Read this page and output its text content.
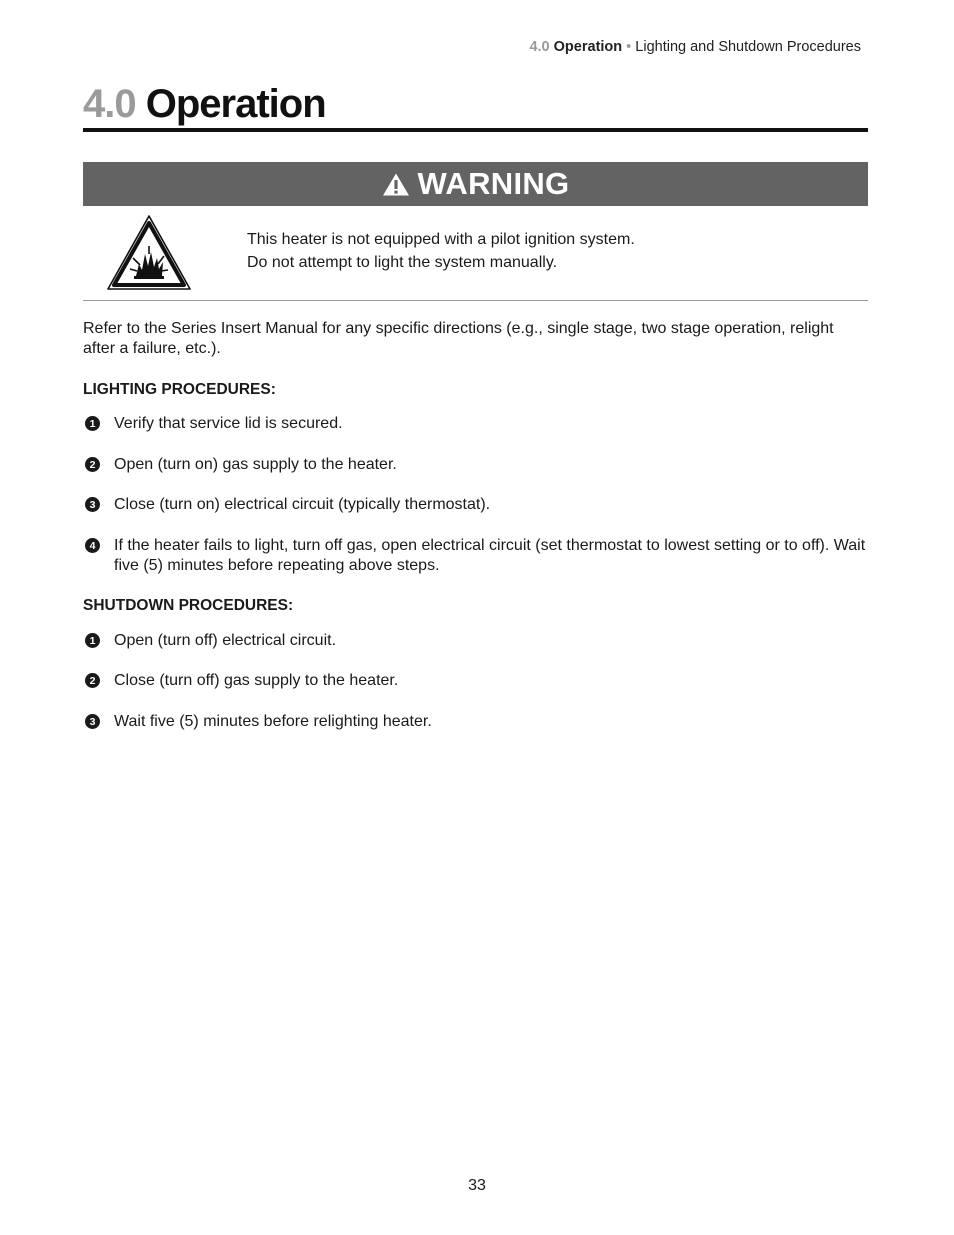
4.0 Operation • Lighting and Shutdown Procedures
4.0 Operation
WARNING
This heater is not equipped with a pilot ignition system.
Do not attempt to light the system manually.
Refer to the Series Insert Manual for any specific directions (e.g., single stage, two stage operation, relight after a failure, etc.).
LIGHTING PROCEDURES:
1 Verify that service lid is secured.
2 Open (turn on) gas supply to the heater.
3 Close (turn on) electrical circuit (typically thermostat).
4 If the heater fails to light, turn off gas, open electrical circuit (set thermostat to lowest setting or to off). Wait five (5) minutes before repeating above steps.
SHUTDOWN PROCEDURES:
1 Open (turn off) electrical circuit.
2 Close (turn off) gas supply to the heater.
3 Wait five (5) minutes before relighting heater.
33
